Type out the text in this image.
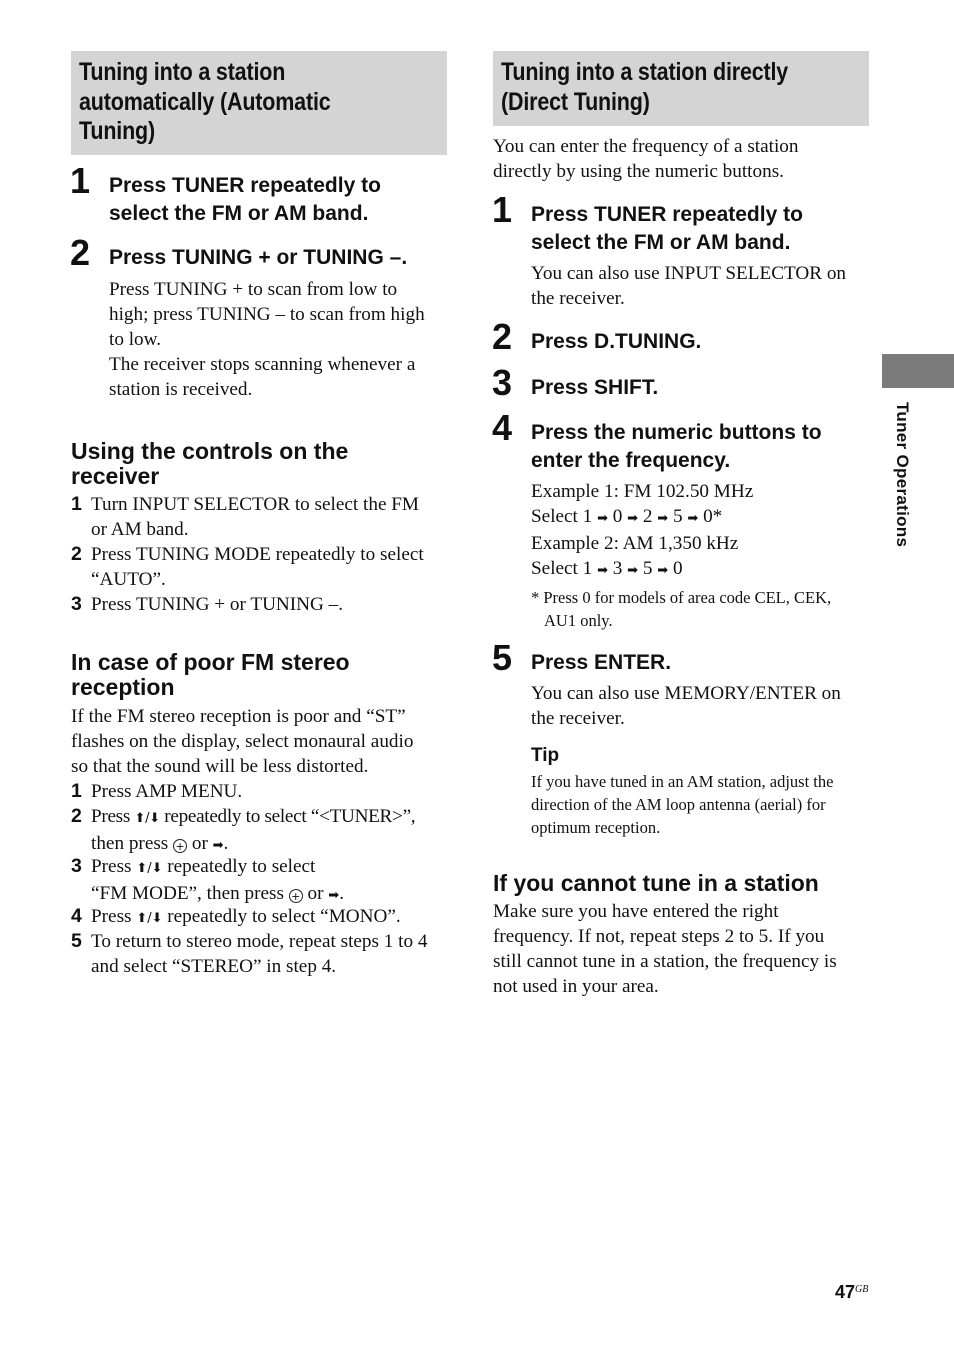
Tuning into a station
automatically (Automatic
Tuning)
1 Press TUNER repeatedly to
select the FM or AM band.
2 Press TUNING + or TUNING –.
Press TUNING + to scan from low to
high; press TUNING – to scan from high
to low.
The receiver stops scanning whenever a
station is received.
Using the controls on the
receiver
1 Turn INPUT SELECTOR to select the FM
or AM band.
2 Press TUNING MODE repeatedly to select
“AUTO”.
3 Press TUNING + or TUNING –.
In case of poor FM stereo
reception
If the FM stereo reception is poor and “ST”
flashes on the display, select monaural audio
so that the sound will be less distorted.
1 Press AMP MENU.
2 Press ⬆/⬇ repeatedly to select “<TUNER>”,
then press + or ➡.
3 Press ⬆/⬇ repeatedly to select
“FM MODE”, then press + or ➡.
4 Press ⬆/⬇ repeatedly to select “MONO”.
5 To return to stereo mode, repeat steps 1 to 4
and select “STEREO” in step 4.
Tuning into a station directly
(Direct Tuning)
You can enter the frequency of a station
directly by using the numeric buttons.
1 Press TUNER repeatedly to
select the FM or AM band.
You can also use INPUT SELECTOR on
the receiver.
2 Press D.TUNING.
3 Press SHIFT.
4 Press the numeric buttons to
enter the frequency.
Example 1: FM 102.50 MHz
Select 1 ➡ 0 ➡ 2 ➡ 5 ➡ 0*
Example 2: AM 1,350 kHz
Select 1 ➡ 3 ➡ 5 ➡ 0
* Press 0 for models of area code CEL, CEK,
AU1 only.
5 Press ENTER.
You can also use MEMORY/ENTER on
the receiver.
Tip
If you have tuned in an AM station, adjust the
direction of the AM loop antenna (aerial) for
optimum reception.
If you cannot tune in a station
Make sure you have entered the right
frequency. If not, repeat steps 2 to 5. If you
still cannot tune in a station, the frequency is
not used in your area.
Tuner Operations
$47^{GB}$
